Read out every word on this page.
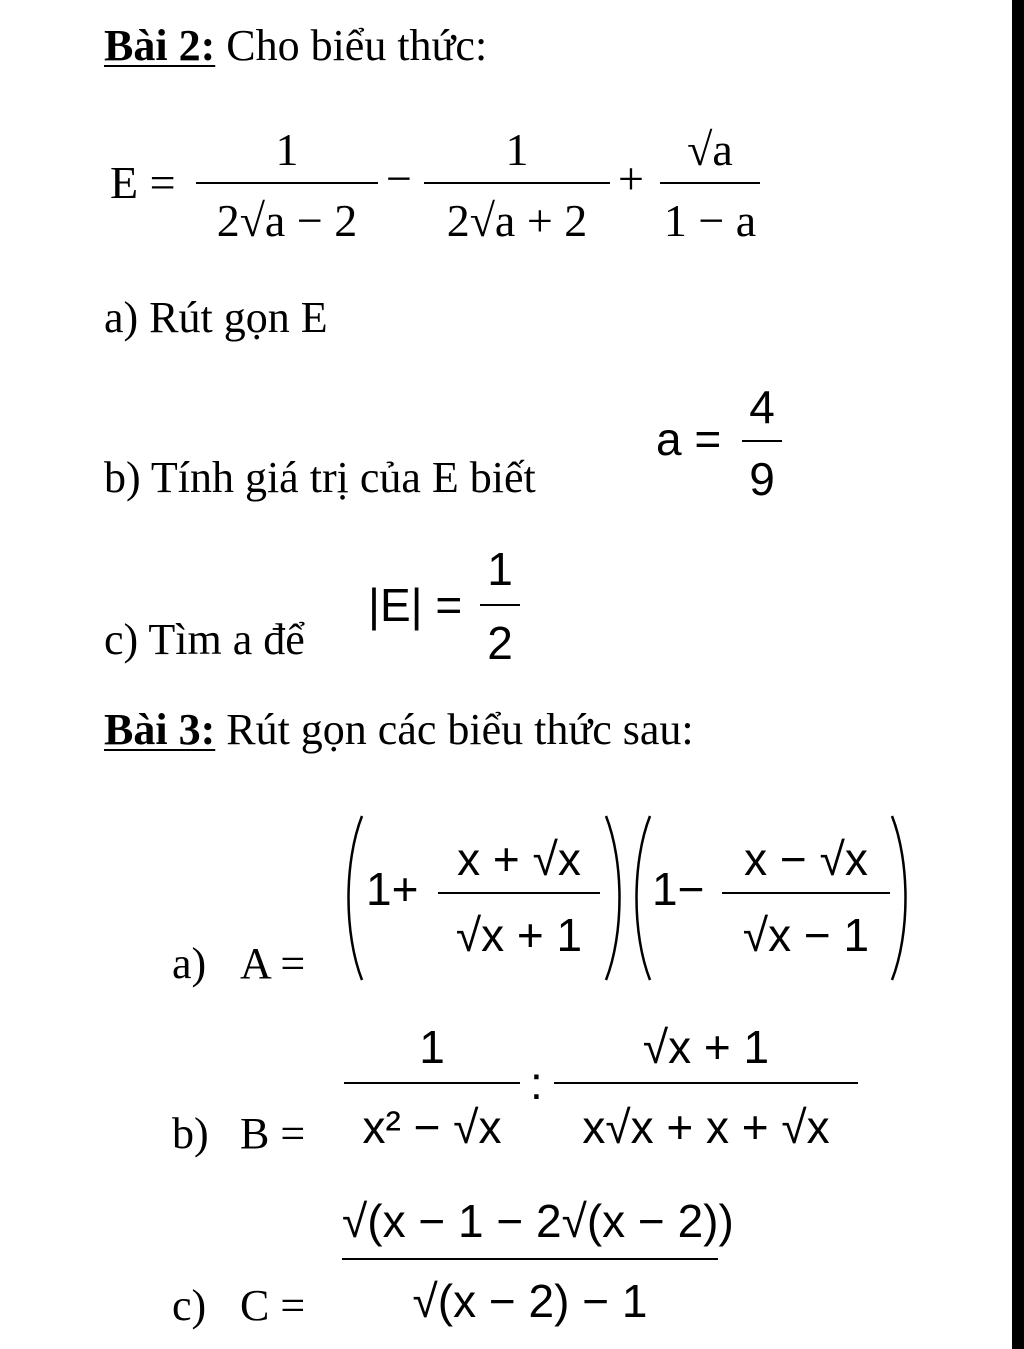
Bài 2: Cho biểu thức:
E =
1
2√a − 2
−
1
2√a + 2
+
√a
1 − a
a) Rút gọn E
b) Tính giá trị của E biết
a =
4
9
c) Tìm a để
|E| =
1
2
Bài 3: Rút gọn các biểu thức sau:
a) A =
1+
x + √x
√x + 1
1−
x − √x
√x − 1
b) B =
1
x² − √x
:
√x + 1
x√x + x + √x
c) C =
√(x − 1 − 2√(x − 2))
√(x − 2) − 1
